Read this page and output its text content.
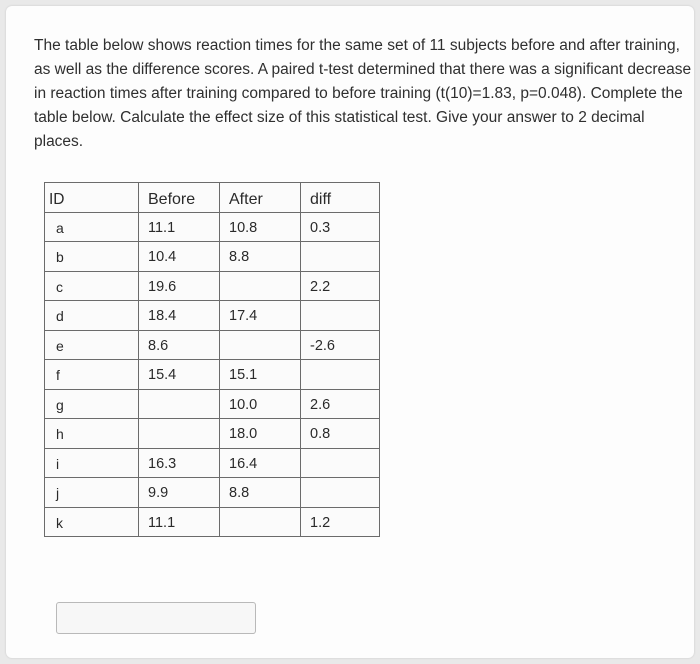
The table below shows reaction times for the same set of 11 subjects before and after training, as well as the difference scores. A paired t-test determined that there was a significant decrease in reaction times after training compared to before training (t(10)=1.83, p=0.048). Complete the table below. Calculate the effect size of this statistical test. Give your answer to 2 decimal places.

ID	Before	After	diff

a	11.1	10.8	0.3

b	10.4	8.8	

c	19.6		2.2

d	18.4	17.4	

e	8.6		-2.6

f	15.4	15.1	

g		10.0	2.6

h		18.0	0.8

i	16.3	16.4	

j	9.9	8.8	

k	11.1		1.2
